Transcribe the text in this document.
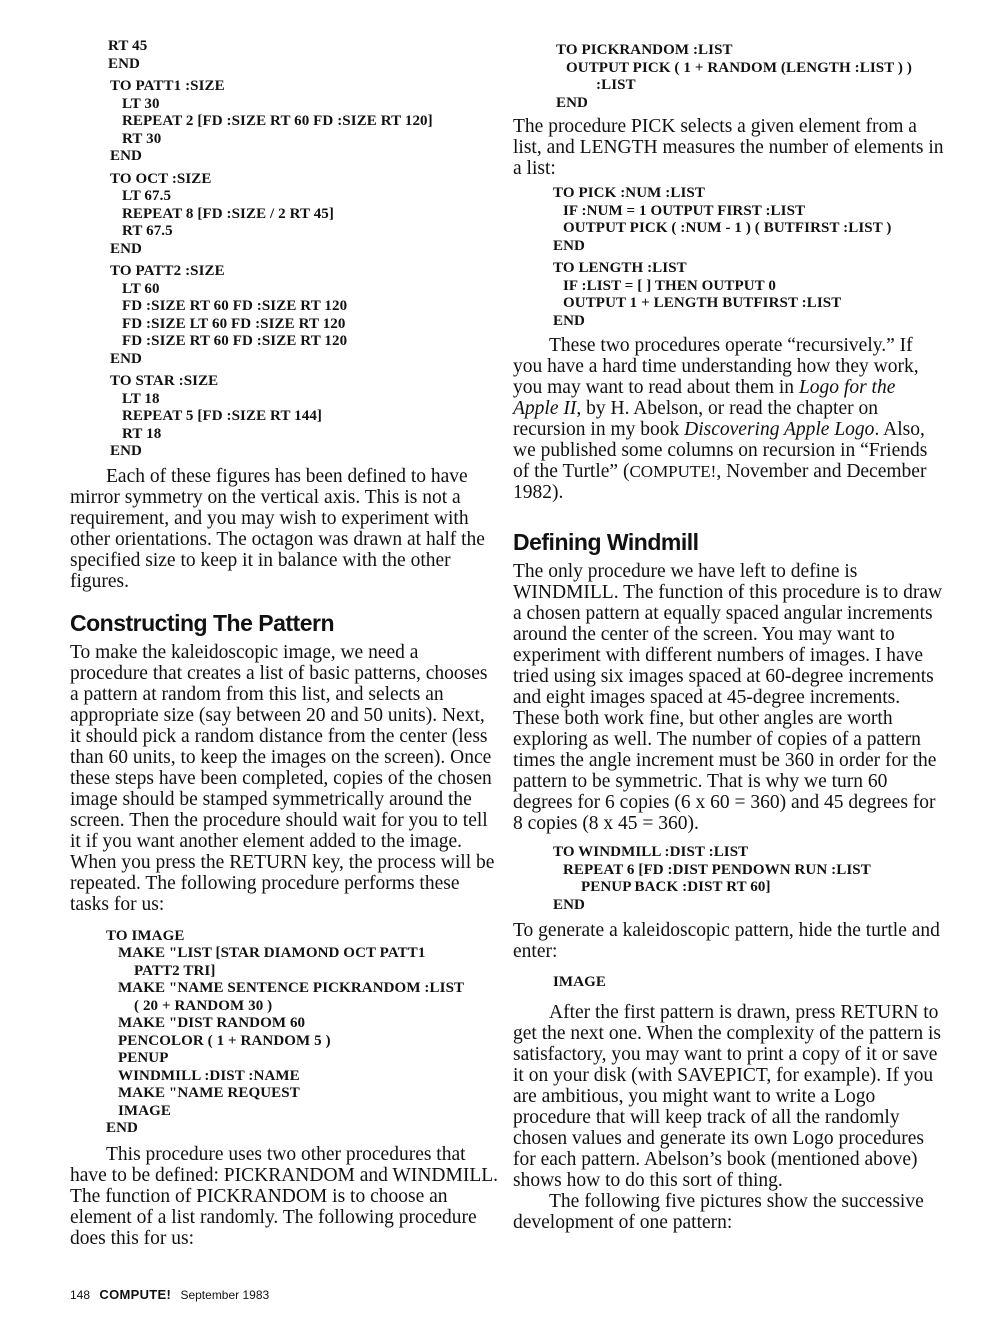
RT 45
END
TO PATT1 :SIZE
LT 30
REPEAT 2 [FD :SIZE RT 60 FD :SIZE RT 120]
RT 30
END
TO OCT :SIZE
LT 67.5
REPEAT 8 [FD :SIZE / 2 RT 45]
RT 67.5
END
TO PATT2 :SIZE
LT 60
FD :SIZE RT 60 FD :SIZE RT 120
FD :SIZE LT 60 FD :SIZE RT 120
FD :SIZE RT 60 FD :SIZE RT 120
END
TO STAR :SIZE
LT 18
REPEAT 5 [FD :SIZE RT 144]
RT 18
END

Each of these figures has been defined to have mirror symmetry on the vertical axis. This is not a requirement, and you may wish to experiment with other orientations. The octagon was drawn at half the specified size to keep it in balance with the other figures.

Constructing The Pattern

To make the kaleidoscopic image, we need a procedure that creates a list of basic patterns, chooses a pattern at random from this list, and selects an appropriate size (say between 20 and 50 units). Next, it should pick a random distance from the center (less than 60 units, to keep the images on the screen). Once these steps have been completed, copies of the chosen image should be stamped symmetrically around the screen. Then the procedure should wait for you to tell it if you want another element added to the image. When you press the RETURN key, the process will be repeated. The following procedure performs these tasks for us:

TO IMAGE
MAKE "LIST [STAR DIAMOND OCT PATT1
PATT2 TRI]
MAKE "NAME SENTENCE PICKRANDOM :LIST
( 20 + RANDOM 30 )
MAKE "DIST RANDOM 60
PENCOLOR ( 1 + RANDOM 5 )
PENUP
WINDMILL :DIST :NAME
MAKE "NAME REQUEST
IMAGE
END

This procedure uses two other procedures that have to be defined: PICKRANDOM and WINDMILL. The function of PICKRANDOM is to choose an element of a list randomly. The following procedure does this for us:

TO PICKRANDOM :LIST
OUTPUT PICK ( 1 + RANDOM (LENGTH :LIST ) )
:LIST
END

The procedure PICK selects a given element from a list, and LENGTH measures the number of elements in a list:

TO PICK :NUM :LIST
IF :NUM = 1 OUTPUT FIRST :LIST
OUTPUT PICK ( :NUM - 1 ) ( BUTFIRST :LIST )
END
TO LENGTH :LIST
IF :LIST = [ ] THEN OUTPUT 0
OUTPUT 1 + LENGTH BUTFIRST :LIST
END

These two procedures operate “recursively.” If you have a hard time understanding how they work, you may want to read about them in Logo for the Apple II, by H. Abelson, or read the chapter on recursion in my book Discovering Apple Logo. Also, we published some columns on recursion in “Friends of the Turtle” (COMPUTE!, November and December 1982).

Defining Windmill

The only procedure we have left to define is WINDMILL. The function of this procedure is to draw a chosen pattern at equally spaced angular increments around the center of the screen. You may want to experiment with different numbers of images. I have tried using six images spaced at 60-degree increments and eight images spaced at 45-degree increments. These both work fine, but other angles are worth exploring as well. The number of copies of a pattern times the angle increment must be 360 in order for the pattern to be symmetric. That is why we turn 60 degrees for 6 copies (6 x 60 = 360) and 45 degrees for 8 copies (8 x 45 = 360).

TO WINDMILL :DIST :LIST
REPEAT 6 [FD :DIST PENDOWN RUN :LIST
PENUP BACK :DIST RT 60]
END

To generate a kaleidoscopic pattern, hide the turtle and enter:

IMAGE

After the first pattern is drawn, press RETURN to get the next one. When the complexity of the pattern is satisfactory, you may want to print a copy of it or save it on your disk (with SAVEPICT, for example). If you are ambitious, you might want to write a Logo procedure that will keep track of all the randomly chosen values and generate its own Logo procedures for each pattern. Abelson’s book (mentioned above) shows how to do this sort of thing.

The following five pictures show the successive development of one pattern:

148 COMPUTE! September 1983
